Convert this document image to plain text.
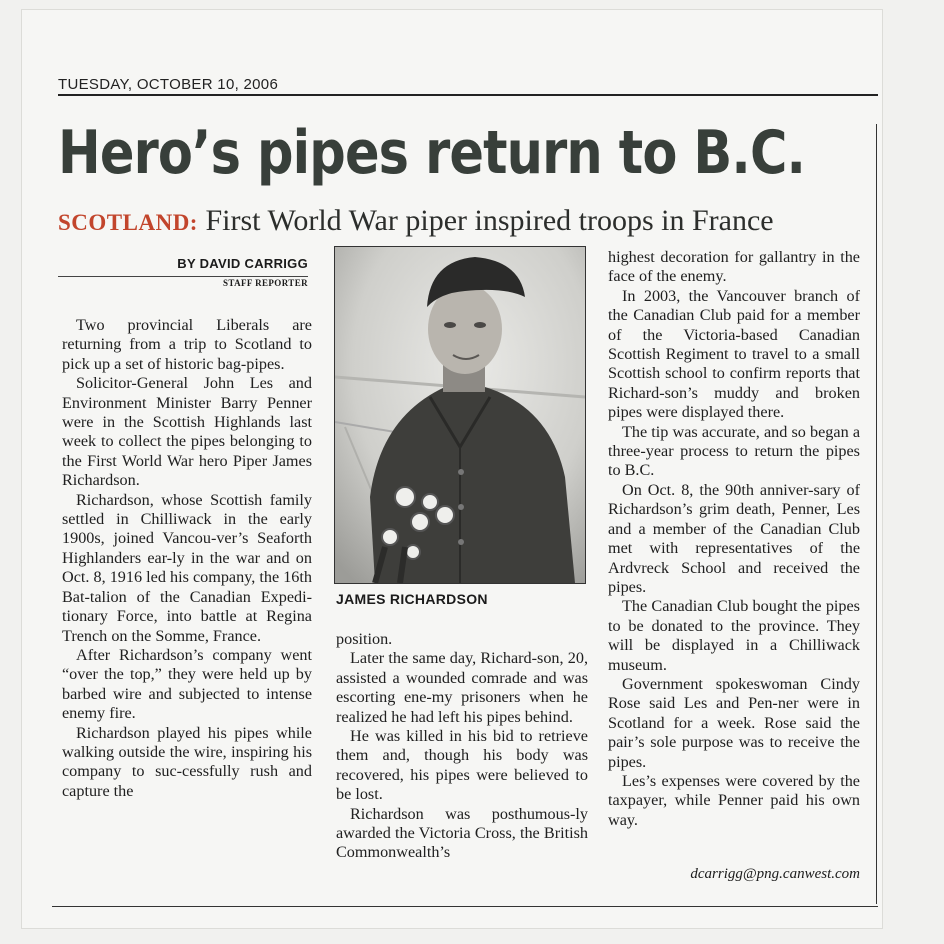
TUESDAY, OCTOBER 10, 2006
Hero’s pipes return to B.C.
SCOTLAND: First World War piper inspired troops in France
BY DAVID CARRIGG
STAFF REPORTER

Two provincial Liberals are returning from a trip to Scotland to pick up a set of historic bag-pipes.

Solicitor-General John Les and Environment Minister Barry Penner were in the Scottish Highlands last week to collect the pipes belonging to the First World War hero Piper James Richardson.

Richardson, whose Scottish family settled in Chilliwack in the early 1900s, joined Vancou-ver’s Seaforth Highlanders ear-ly in the war and on Oct. 8, 1916 led his company, the 16th Bat-talion of the Canadian Expedi-tionary Force, into battle at Regina Trench on the Somme, France.

After Richardson’s company went “over the top,” they were held up by barbed wire and subjected to intense enemy fire.

Richardson played his pipes while walking outside the wire, inspiring his company to suc-cessfully rush and capture the

JAMES RICHARDSON

position.

Later the same day, Richard-son, 20, assisted a wounded comrade and was escorting ene-my prisoners when he realized he had left his pipes behind.

He was killed in his bid to retrieve them and, though his body was recovered, his pipes were believed to be lost.

Richardson was posthumous-ly awarded the Victoria Cross, the British Commonwealth’s

highest decoration for gallantry in the face of the enemy.

In 2003, the Vancouver branch of the Canadian Club paid for a member of the Victoria-based Canadian Scottish Regiment to travel to a small Scottish school to confirm reports that Richard-son’s muddy and broken pipes were displayed there.

The tip was accurate, and so began a three-year process to return the pipes to B.C.

On Oct. 8, the 90th anniver-sary of Richardson’s grim death, Penner, Les and a member of the Canadian Club met with representatives of the Ardvreck School and received the pipes.

The Canadian Club bought the pipes to be donated to the province. They will be displayed in a Chilliwack museum.

Government spokeswoman Cindy Rose said Les and Pen-ner were in Scotland for a week. Rose said the pair’s sole purpose was to receive the pipes.

Les’s expenses were covered by the taxpayer, while Penner paid his own way.

dcarrigg@png.canwest.com
